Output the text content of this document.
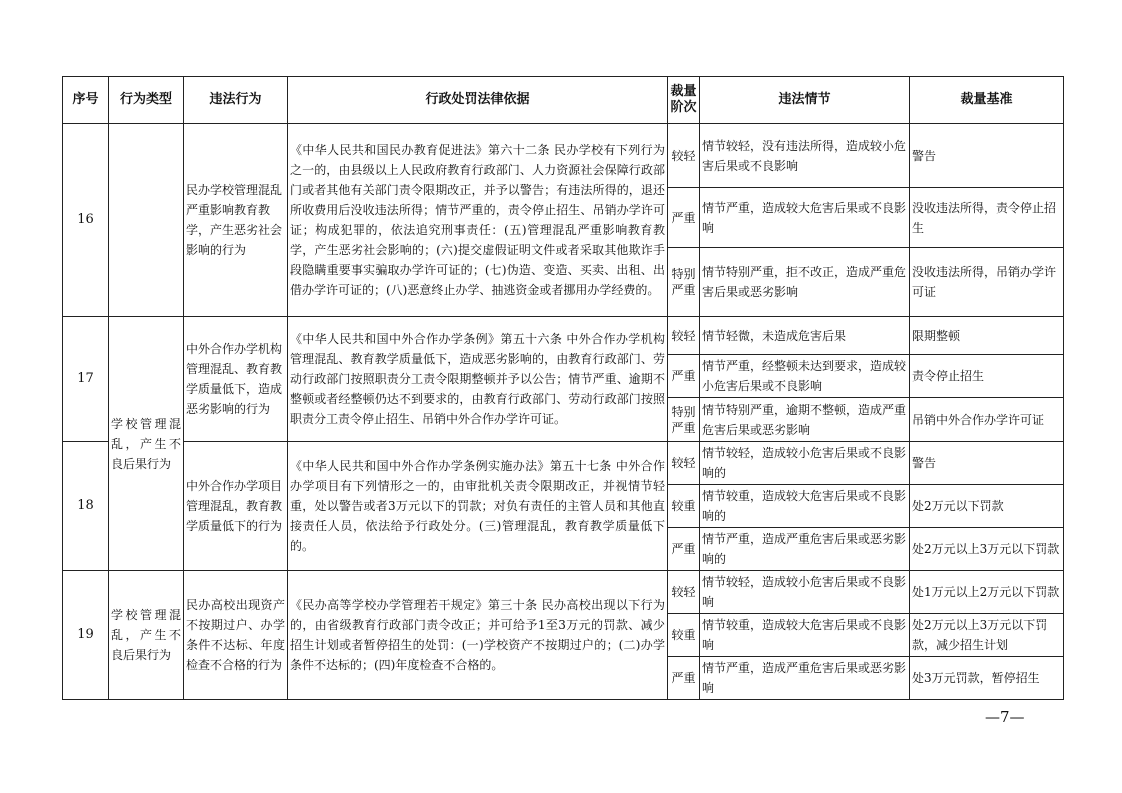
序号	行为类型	违法行为	行政处罚法律依据	裁量阶次	违法情节	裁量基准
16		民办学校管理混乱严重影响教育教学，产生恶劣社会影响的行为	《中华人民共和国民办教育促进法》第六十二条 民办学校有下列行为之一的，由县级以上人民政府教育行政部门、人力资源社会保障行政部门或者其他有关部门责令限期改正，并予以警告；有违法所得的，退还所收费用后没收违法所得；情节严重的，责令停止招生、吊销办学许可证；构成犯罪的，依法追究刑事责任：(五)管理混乱严重影响教育教学，产生恶劣社会影响的；(六)提交虚假证明文件或者采取其他欺诈手段隐瞒重要事实骗取办学许可证的；(七)伪造、变造、买卖、出租、出借办学许可证的；(八)恶意终止办学、抽逃资金或者挪用办学经费的。	较轻	情节较轻，没有违法所得，造成较小危害后果或不良影响	警告
				严重	情节严重，造成较大危害后果或不良影响	没收违法所得，责令停止招生
				特别严重	情节特别严重，拒不改正，造成严重危害后果或恶劣影响	没收违法所得，吊销办学许可证
17	学校管理混乱，产生不良后果行为	中外合作办学机构管理混乱、教育教学质量低下，造成恶劣影响的行为	《中华人民共和国中外合作办学条例》第五十六条 中外合作办学机构管理混乱、教育教学质量低下，造成恶劣影响的，由教育行政部门、劳动行政部门按照职责分工责令限期整顿并予以公告；情节严重、逾期不整顿或者经整顿仍达不到要求的，由教育行政部门、劳动行政部门按照职责分工责令停止招生、吊销中外合作办学许可证。	较轻	情节轻微，未造成危害后果	限期整顿
				严重	情节严重，经整顿未达到要求，造成较小危害后果或不良影响	责令停止招生
				特别严重	情节特别严重，逾期不整顿，造成严重危害后果或恶劣影响	吊销中外合作办学许可证
18		中外合作办学项目管理混乱，教育教学质量低下的行为	《中华人民共和国中外合作办学条例实施办法》第五十七条 中外合作办学项目有下列情形之一的，由审批机关责令限期改正，并视情节轻重，处以警告或者3万元以下的罚款；对负有责任的主管人员和其他直接责任人员，依法给予行政处分。(三)管理混乱，教育教学质量低下的。	较轻	情节较轻，造成较小危害后果或不良影响的	警告
				较重	情节较重，造成较大危害后果或不良影响的	处2万元以下罚款
				严重	情节严重，造成严重危害后果或恶劣影响的	处2万元以上3万元以下罚款
19	学校管理混乱，产生不良后果行为	民办高校出现资产不按期过户、办学条件不达标、年度检查不合格的行为	《民办高等学校办学管理若干规定》第三十条 民办高校出现以下行为的，由省级教育行政部门责令改正；并可给予1至3万元的罚款、减少招生计划或者暂停招生的处罚：(一)学校资产不按期过户的；(二)办学条件不达标的；(四)年度检查不合格的。	较轻	情节较轻，造成较小危害后果或不良影响	处1万元以上2万元以下罚款
				较重	情节较重，造成较大危害后果或不良影响	处2万元以上3万元以下罚款，减少招生计划
				严重	情节严重，造成严重危害后果或恶劣影响	处3万元罚款，暂停招生
—7—
